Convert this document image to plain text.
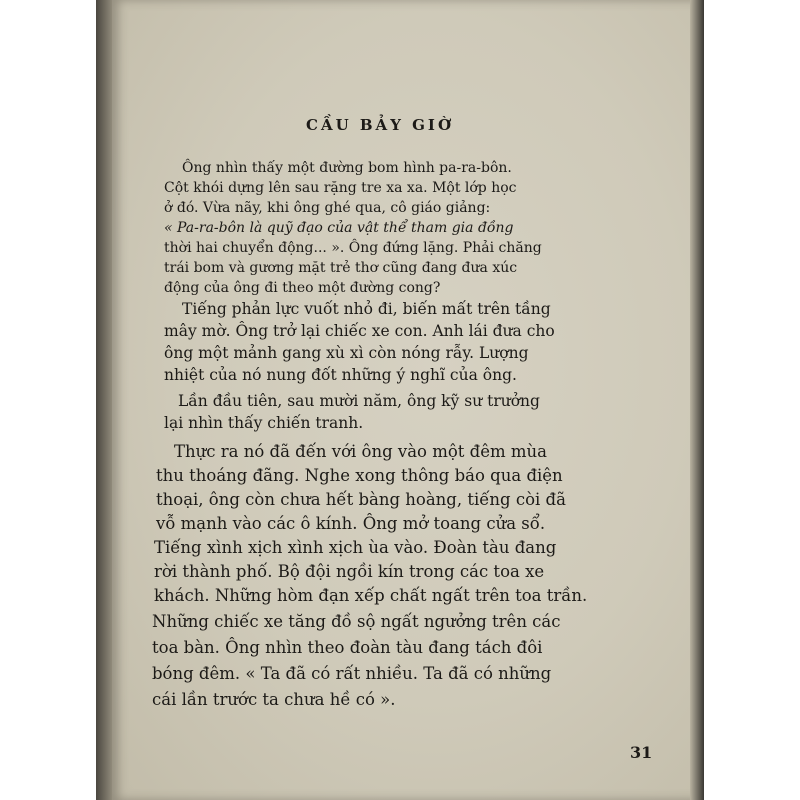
CẦU BẢY GIỜ
Ông nhìn thấy một đường bom hình pa-ra-bôn.
Cột khói dựng lên sau rặng tre xa xa. Một lớp học
ở đó. Vừa nãy, khi ông ghé qua, cô giáo giảng:
« Pa-ra-bôn là quỹ đạo của vật thể tham gia đồng
thời hai chuyển động... ». Ông đứng lặng. Phải chăng
trái bom và gương mặt trẻ thơ cũng đang đưa xúc
động của ông đi theo một đường cong?
Tiếng phản lực vuốt nhỏ đi, biến mất trên tầng
mây mờ. Ông trở lại chiếc xe con. Anh lái đưa cho
ông một mảnh gang xù xì còn nóng rẫy. Lượng
nhiệt của nó nung đốt những ý nghĩ của ông.
Lần đầu tiên, sau mười năm, ông kỹ sư trưởng
lại nhìn thấy chiến tranh.
Thực ra nó đã đến với ông vào một đêm mùa
thu thoáng đãng. Nghe xong thông báo qua điện
thoại, ông còn chưa hết bàng hoàng, tiếng còi đã
vỗ mạnh vào các ô kính. Ông mở toang cửa sổ.
Tiếng xình xịch xình xịch ùa vào. Đoàn tàu đang
rời thành phố. Bộ đội ngồi kín trong các toa xe
khách. Những hòm đạn xếp chất ngất trên toa trần.
Những chiếc xe tăng đồ sộ ngất ngưởng trên các
toa bàn. Ông nhìn theo đoàn tàu đang tách đôi
bóng đêm. « Ta đã có rất nhiều. Ta đã có những
cái lần trước ta chưa hề có ».
31
